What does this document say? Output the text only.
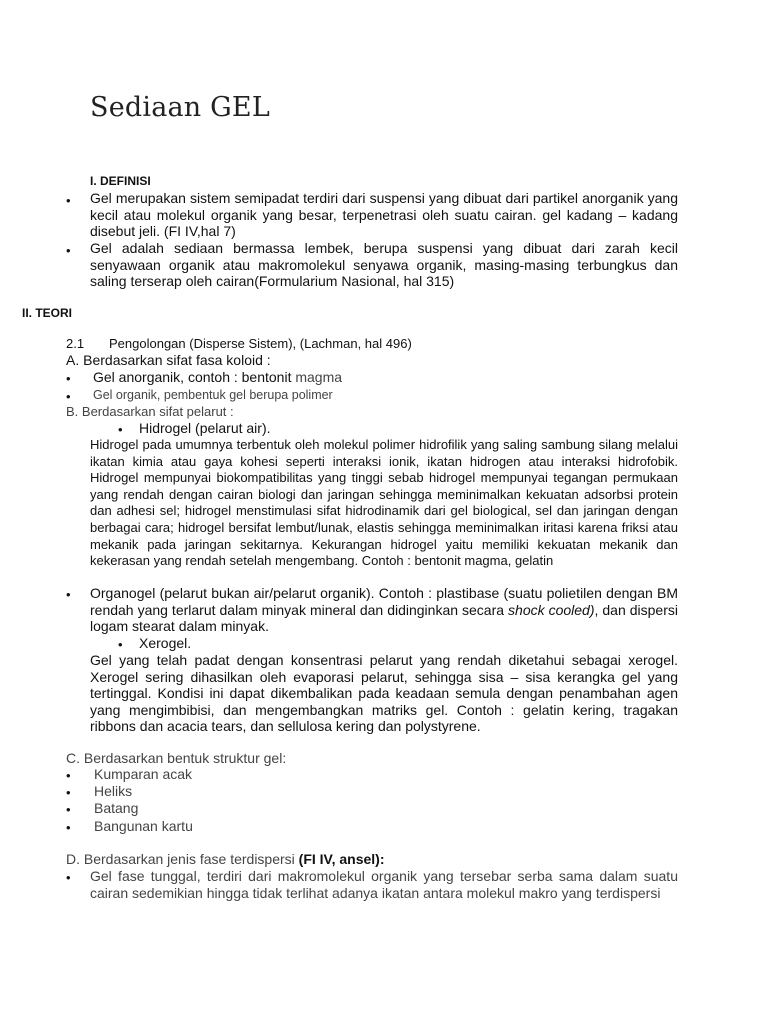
Sediaan GEL
I. DEFINISI
• Gel merupakan sistem semipadat terdiri dari suspensi yang dibuat dari partikel anorganik yang kecil atau molekul organik yang besar, terpenetrasi oleh suatu cairan. gel kadang – kadang disebut jeli. (FI IV,hal 7)
• Gel adalah sediaan bermassa lembek, berupa suspensi yang dibuat dari zarah kecil senyawaan organik atau makromolekul senyawa organik, masing-masing terbungkus dan saling terserap oleh cairan(Formularium Nasional, hal 315)
II. TEORI
2.1 Pengolongan (Disperse Sistem), (Lachman, hal 496)
A. Berdasarkan sifat fasa koloid :
• Gel anorganik, contoh : bentonit magma
• Gel organik, pembentuk gel berupa polimer
B. Berdasarkan sifat pelarut :
• Hidrogel (pelarut air).
Hidrogel pada umumnya terbentuk oleh molekul polimer hidrofilik yang saling sambung silang melalui ikatan kimia atau gaya kohesi seperti interaksi ionik, ikatan hidrogen atau interaksi hidrofobik. Hidrogel mempunyai biokompatibilitas yang tinggi sebab hidrogel mempunyai tegangan permukaan yang rendah dengan cairan biologi dan jaringan sehingga meminimalkan kekuatan adsorbsi protein dan adhesi sel; hidrogel menstimulasi sifat hidrodinamik dari gel biological, sel dan jaringan dengan berbagai cara; hidrogel bersifat lembut/lunak, elastis sehingga meminimalkan iritasi karena friksi atau mekanik pada jaringan sekitarnya. Kekurangan hidrogel yaitu memiliki kekuatan mekanik dan kekerasan yang rendah setelah mengembang. Contoh : bentonit magma, gelatin
• Organogel (pelarut bukan air/pelarut organik). Contoh : plastibase (suatu polietilen dengan BM rendah yang terlarut dalam minyak mineral dan didinginkan secara shock cooled), dan dispersi logam stearat dalam minyak.
• Xerogel.
Gel yang telah padat dengan konsentrasi pelarut yang rendah diketahui sebagai xerogel. Xerogel sering dihasilkan oleh evaporasi pelarut, sehingga sisa – sisa kerangka gel yang tertinggal. Kondisi ini dapat dikembalikan pada keadaan semula dengan penambahan agen yang mengimbibisi, dan mengembangkan matriks gel. Contoh : gelatin kering, tragakan ribbons dan acacia tears, dan sellulosa kering dan polystyrene.
C. Berdasarkan bentuk struktur gel:
• Kumparan acak
• Heliks
• Batang
• Bangunan kartu
D. Berdasarkan jenis fase terdispersi (FI IV, ansel):
• Gel fase tunggal, terdiri dari makromolekul organik yang tersebar serba sama dalam suatu cairan sedemikian hingga tidak terlihat adanya ikatan antara molekul makro yang terdispersi
